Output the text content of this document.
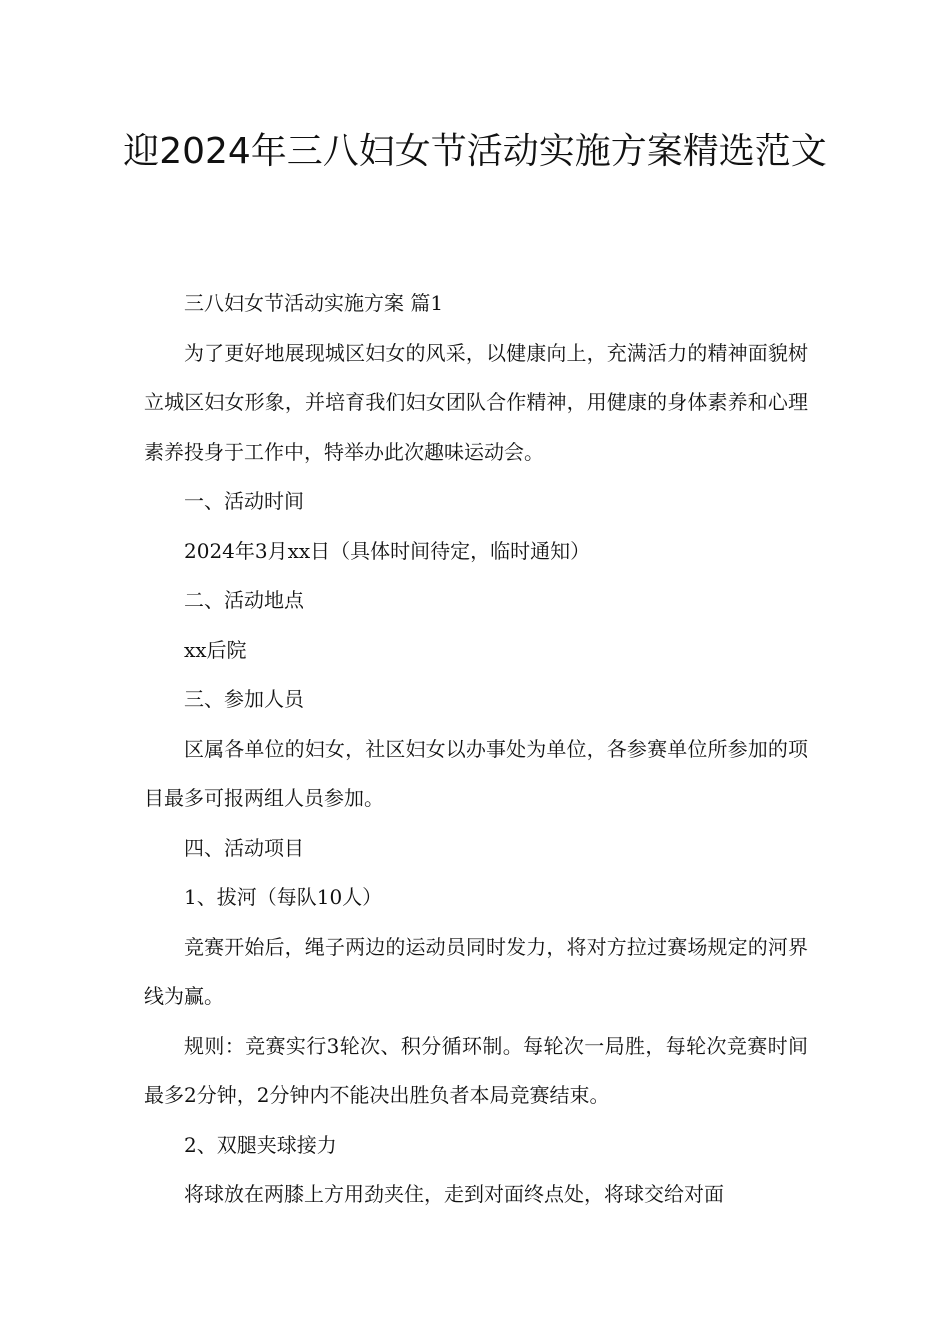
迎2024年三八妇女节活动实施方案精选范文

三八妇女节活动实施方案 篇1

为了更好地展现城区妇女的风采，以健康向上，充满活力的精神面貌树立城区妇女形象，并培育我们妇女团队合作精神，用健康的身体素养和心理素养投身于工作中，特举办此次趣味运动会。

一、活动时间

2024年3月xx日（具体时间待定，临时通知）

二、活动地点

xx后院

三、参加人员

区属各单位的妇女，社区妇女以办事处为单位，各参赛单位所参加的项目最多可报两组人员参加。

四、活动项目

1、拔河（每队10人）

竞赛开始后，绳子两边的运动员同时发力，将对方拉过赛场规定的河界线为赢。

规则：竞赛实行3轮次、积分循环制。每轮次一局胜，每轮次竞赛时间最多2分钟，2分钟内不能决出胜负者本局竞赛结束。

2、双腿夹球接力

将球放在两膝上方用劲夹住，走到对面终点处，将球交给对面
